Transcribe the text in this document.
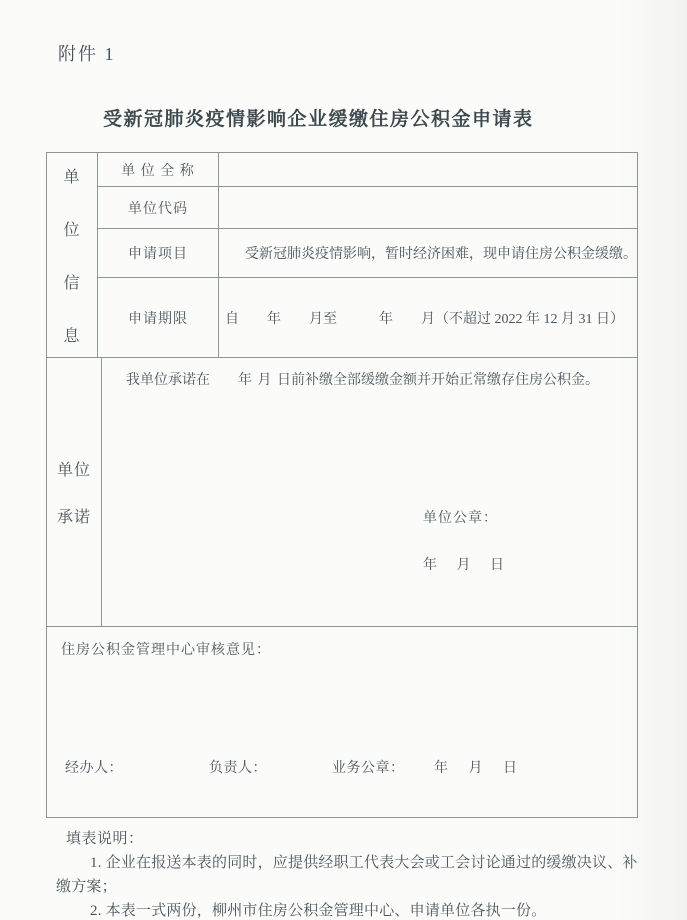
附件 1
受新冠肺炎疫情影响企业缓缴住房公积金申请表
单
位
信
息
单 位 全 称
单位代码
申请项目	受新冠肺炎疫情影响，暂时经济困难，现申请住房公积金缓缴。
申请期限	自　　年　　月至　　　年　　月（不超过 2022 年 12 月 31 日）
单位
承诺
我单位承诺在　　年 月 日前补缴全部缓缴金额并开始正常缴存住房公积金。
单位公章：
年 月 日
住房公积金管理中心审核意见：
经办人：	负责人：	业务公章： 年 月 日
填表说明：

1. 企业在报送本表的同时，应提供经职工代表大会或工会讨论通过的缓缴决议、补缴方案；

2. 本表一式两份，柳州市住房公积金管理中心、申请单位各执一份。
